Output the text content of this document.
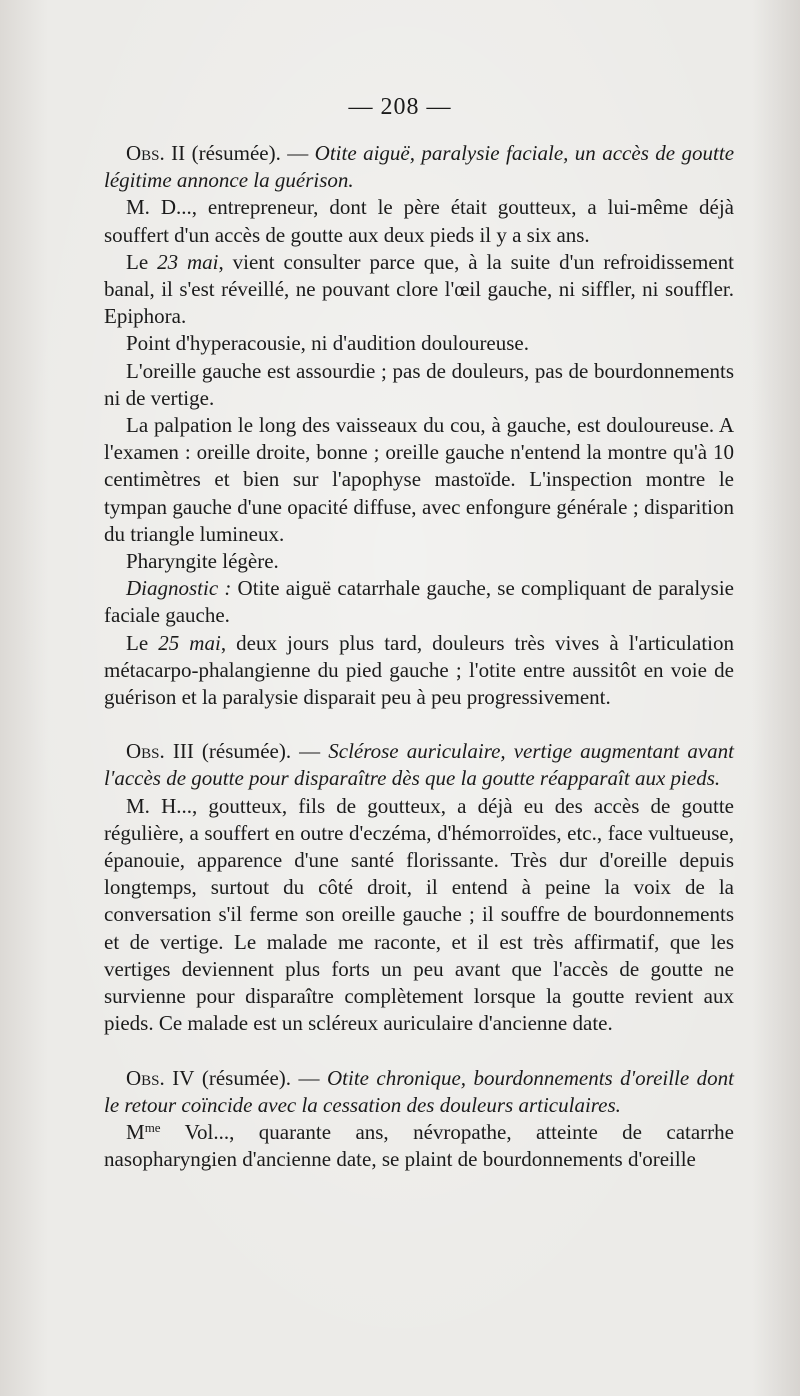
— 208 —

Obs. II (résumée). — Otite aiguë, paralysie faciale, un accès de goutte légitime annonce la guérison.

M. D..., entrepreneur, dont le père était goutteux, a lui-même déjà souffert d'un accès de goutte aux deux pieds il y a six ans.

Le 23 mai, vient consulter parce que, à la suite d'un refroidissement banal, il s'est réveillé, ne pouvant clore l'œil gauche, ni siffler, ni souffler. Epiphora.

Point d'hyperacousie, ni d'audition douloureuse.

L'oreille gauche est assourdie ; pas de douleurs, pas de bourdonnements ni de vertige.

La palpation le long des vaisseaux du cou, à gauche, est douloureuse. A l'examen : oreille droite, bonne ; oreille gauche n'entend la montre qu'à 10 centimètres et bien sur l'apophyse mastoïde. L'inspection montre le tympan gauche d'une opacité diffuse, avec enfongure générale ; disparition du triangle lumineux.

Pharyngite légère.

Diagnostic : Otite aiguë catarrhale gauche, se compliquant de paralysie faciale gauche.

Le 25 mai, deux jours plus tard, douleurs très vives à l'articulation métacarpo-phalangienne du pied gauche ; l'otite entre aussitôt en voie de guérison et la paralysie disparait peu à peu progressivement.

Obs. III (résumée). — Sclérose auriculaire, vertige augmentant avant l'accès de goutte pour disparaître dès que la goutte réapparaît aux pieds.

M. H..., goutteux, fils de goutteux, a déjà eu des accès de goutte régulière, a souffert en outre d'eczéma, d'hémorroïdes, etc., face vultueuse, épanouie, apparence d'une santé florissante. Très dur d'oreille depuis longtemps, surtout du côté droit, il entend à peine la voix de la conversation s'il ferme son oreille gauche ; il souffre de bourdonnements et de vertige. Le malade me raconte, et il est très affirmatif, que les vertiges deviennent plus forts un peu avant que l'accès de goutte ne survienne pour disparaître complètement lorsque la goutte revient aux pieds. Ce malade est un scléreux auriculaire d'ancienne date.

Obs. IV (résumée). — Otite chronique, bourdonnements d'oreille dont le retour coïncide avec la cessation des douleurs articulaires.

$M^{me}$ Vol..., quarante ans, névropathe, atteinte de catarrhe nasopharyngien d'ancienne date, se plaint de bourdonnements d'oreille
